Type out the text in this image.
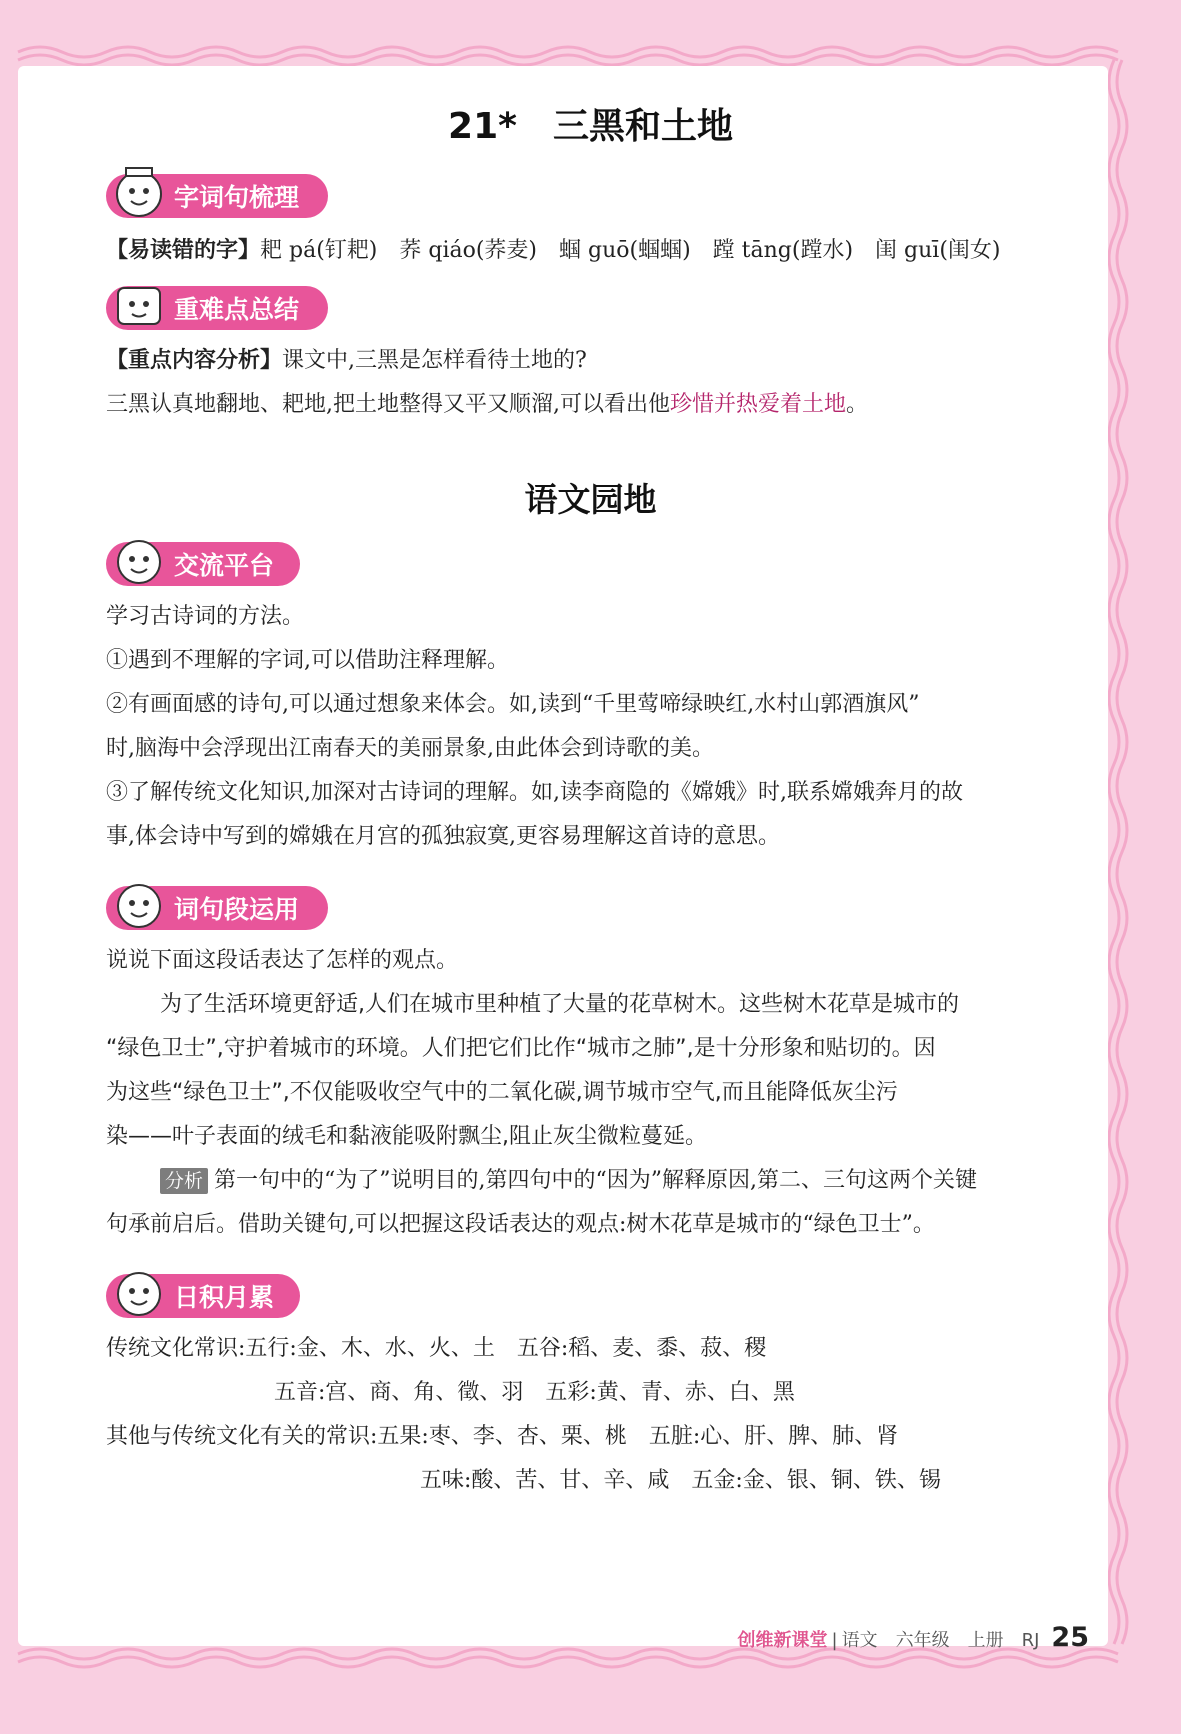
21* 三黑和土地
字词句梳理
【易读错的字】耙 pá(钉耙)　荞 qiáo(荞麦)　蝈 guō(蝈蝈)　蹚 tāng(蹚水)　闺 guī(闺女)
重难点总结
【重点内容分析】课文中,三黑是怎样看待土地的?
三黑认真地翻地、耙地,把土地整得又平又顺溜,可以看出他珍惜并热爱着土地。
语文园地
交流平台
学习古诗词的方法。
①遇到不理解的字词,可以借助注释理解。
②有画面感的诗句,可以通过想象来体会。如,读到“千里莺啼绿映红,水村山郭酒旗风”
时,脑海中会浮现出江南春天的美丽景象,由此体会到诗歌的美。
③了解传统文化知识,加深对古诗词的理解。如,读李商隐的《嫦娥》时,联系嫦娥奔月的故
事,体会诗中写到的嫦娥在月宫的孤独寂寞,更容易理解这首诗的意思。
词句段运用
说说下面这段话表达了怎样的观点。
为了生活环境更舒适,人们在城市里种植了大量的花草树木。这些树木花草是城市的
“绿色卫士”,守护着城市的环境。人们把它们比作“城市之肺”,是十分形象和贴切的。因
为这些“绿色卫士”,不仅能吸收空气中的二氧化碳,调节城市空气,而且能降低灰尘污
染——叶子表面的绒毛和黏液能吸附飘尘,阻止灰尘微粒蔓延。
分析 第一句中的“为了”说明目的,第四句中的“因为”解释原因,第二、三句这两个关键
句承前启后。借助关键句,可以把握这段话表达的观点:树木花草是城市的“绿色卫士”。
日积月累
传统文化常识:五行:金、木、水、火、土　五谷:稻、麦、黍、菽、稷
五音:宫、商、角、徵、羽　五彩:黄、青、赤、白、黑
其他与传统文化有关的常识:五果:枣、李、杏、栗、桃　五脏:心、肝、脾、肺、肾
五味:酸、苦、甘、辛、咸　五金:金、银、铜、铁、锡
创维新课堂 | 语文　六年级　上册　RJ 25
